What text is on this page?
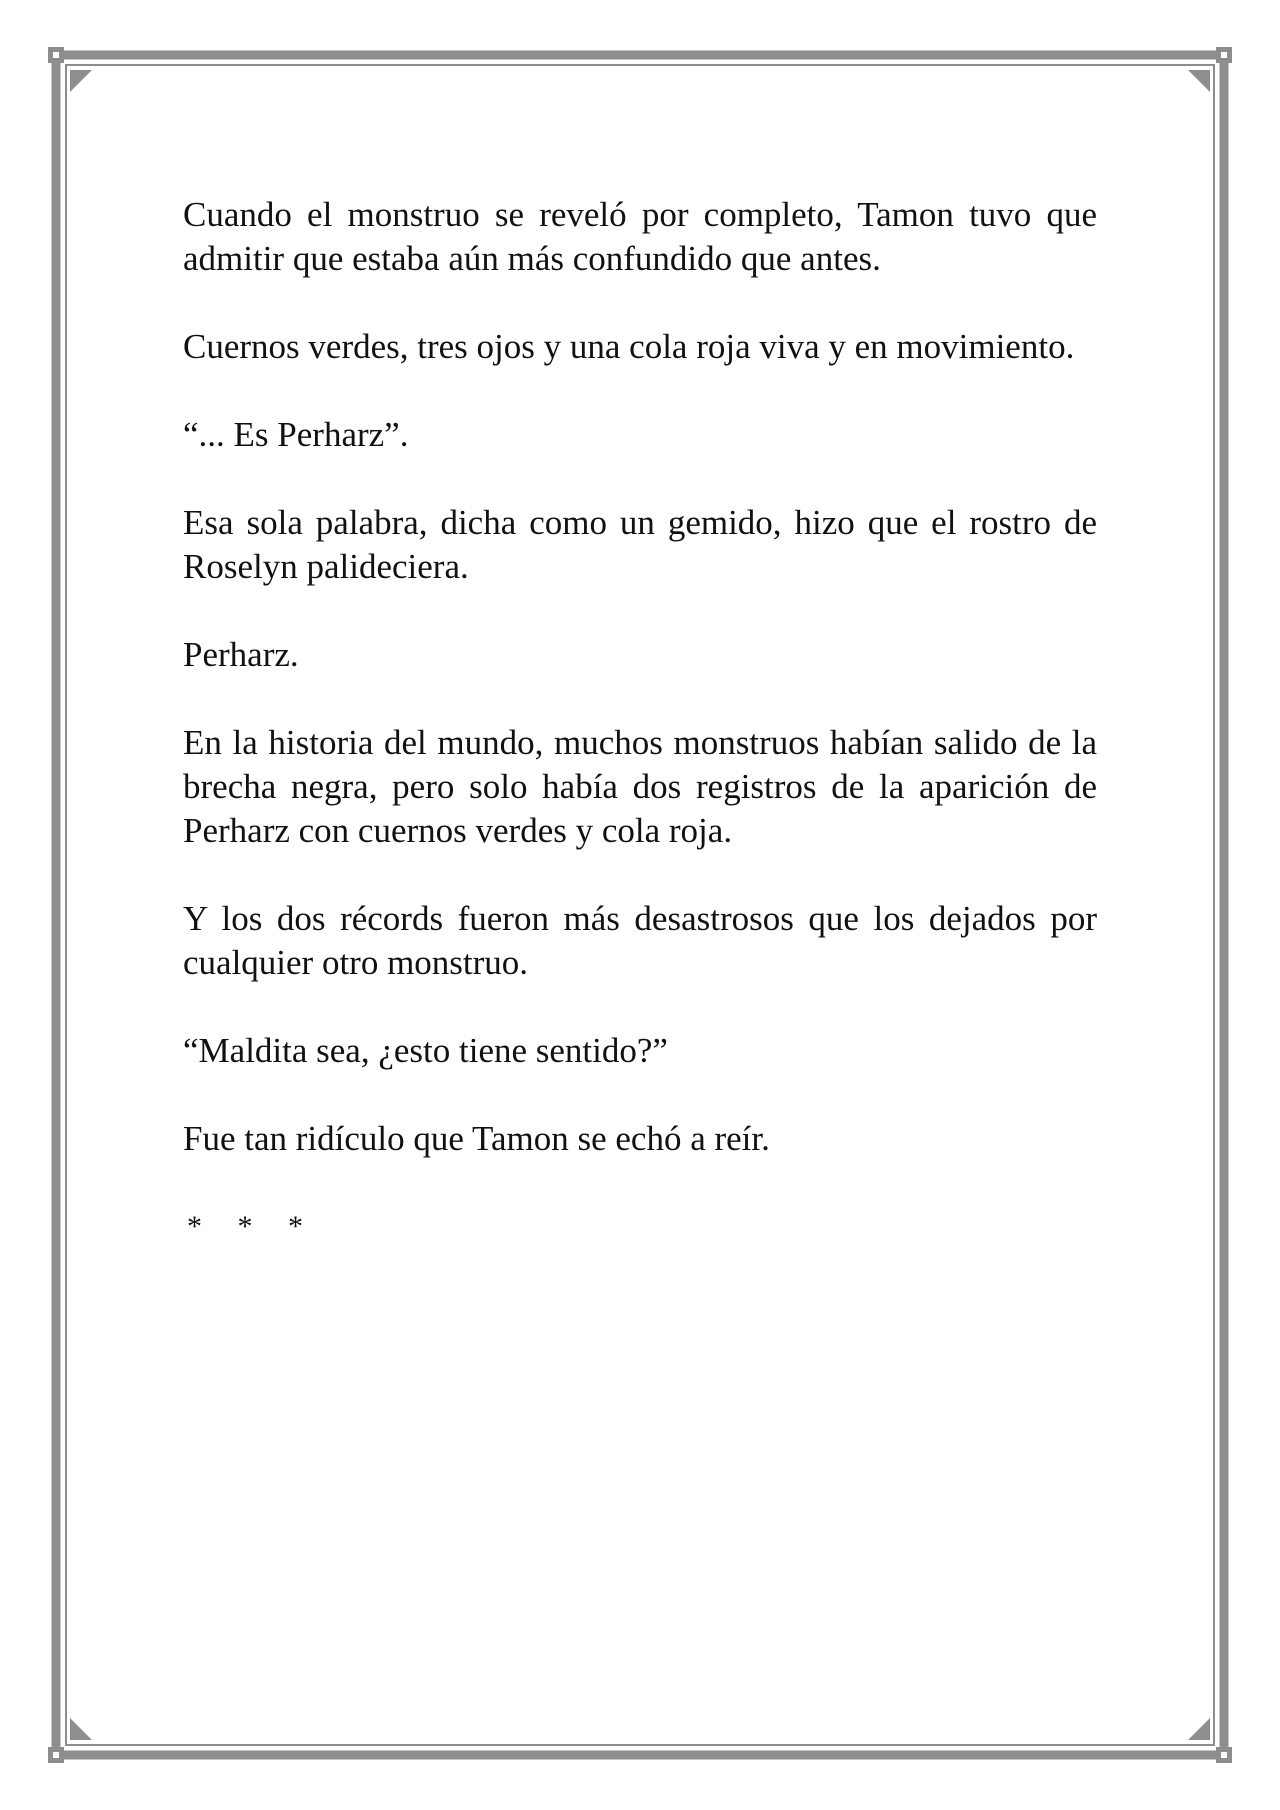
Cuando el monstruo se reveló por completo, Tamon tuvo que admitir que estaba aún más confundido que antes.

Cuernos verdes, tres ojos y una cola roja viva y en movimiento.

“... Es Perharz”.

Esa sola palabra, dicha como un gemido, hizo que el rostro de Roselyn palideciera.

Perharz.

En la historia del mundo, muchos monstruos habían salido de la brecha negra, pero solo había dos registros de la aparición de Perharz con cuernos verdes y cola roja.

Y los dos récords fueron más desastrosos que los dejados por cualquier otro monstruo.

“Maldita sea, ¿esto tiene sentido?”

Fue tan ridículo que Tamon se echó a reír.

* * *
